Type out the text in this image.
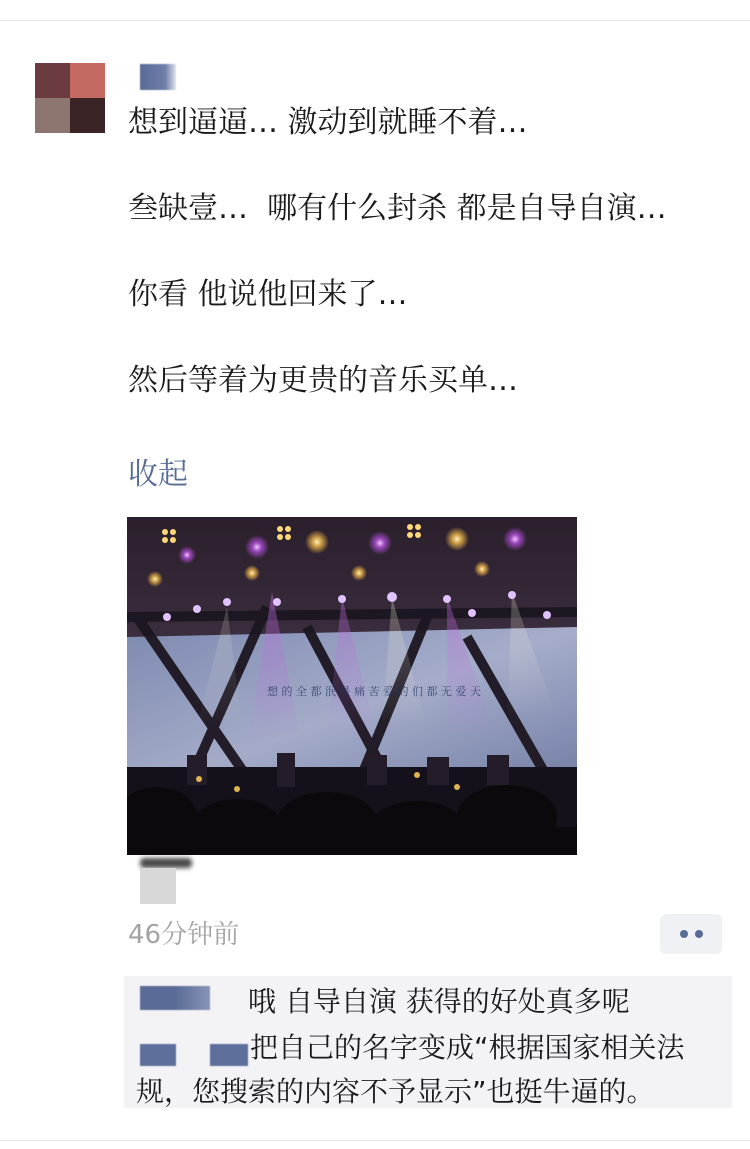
想到逼逼… 激动到就睡不着…

叁缺壹…  哪有什么封杀 都是自导自演…

你看 他说他回来了…

然后等着为更贵的音乐买单…

收起
想 的 全 都 泯 是 痛 苦 爱 的 们 都 无 爱 天
46分钟前
哦 自导自演 获得的好处真多呢
把自己的名字变成“根据国家相关法规，您搜索的内容不予显示”也挺牛逼的。
